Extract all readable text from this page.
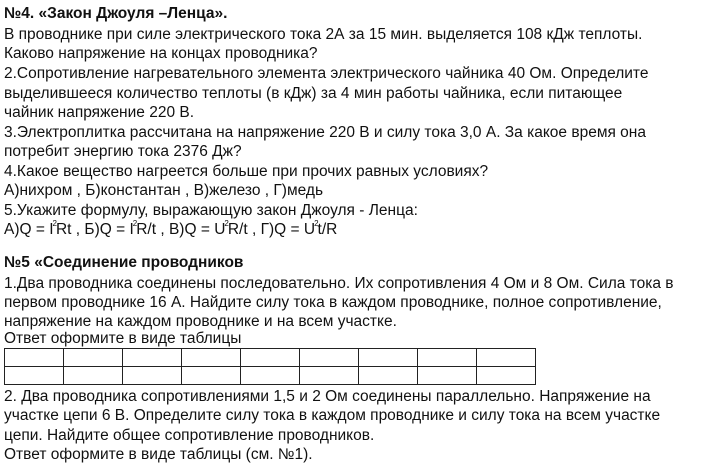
№4. «Закон Джоуля –Ленца».
В проводнике при силе электрического тока 2А за 15 мин. выделяется 108 кДж теплоты.
Каково напряжение на концах проводника?
2.Сопротивление нагревательного элемента электрического чайника 40 Ом. Определите
выделившееся количество теплоты (в кДж) за 4 мин работы чайника, если питающее
чайник напряжение 220 В.
3.Электроплитка рассчитана на напряжение 220 В и силу тока 3,0 А. За какое время она
потребит энергию тока 2376 Дж?
4.Какое вещество нагреется больше при прочих равных условиях?
А)нихром , Б)константан , В)железо , Г)медь
5.Укажите формулу, выражающую закон Джоуля - Ленца:
$А)Q = I^2Rt$ , $Б)Q = I^2R/t$ , $В)Q = U^2R/t$ , $Г)Q = U^2t/R$
№5 «Соединение проводников
1.Два проводника соединены последовательно. Их сопротивления 4 Ом и 8 Ом. Сила тока в
первом проводнике 16 А. Найдите силу тока в каждом проводнике, полное сопротивление,
напряжение на каждом проводнике и на всем участке.
Ответ оформите в виде таблицы

2. Два проводника сопротивлениями 1,5 и 2 Ом соединены параллельно. Напряжение на
участке цепи 6 В. Определите силу тока в каждом проводнике и силу тока на всем участке
цепи. Найдите общее сопротивление проводников.
Ответ оформите в виде таблицы (см. №1).
